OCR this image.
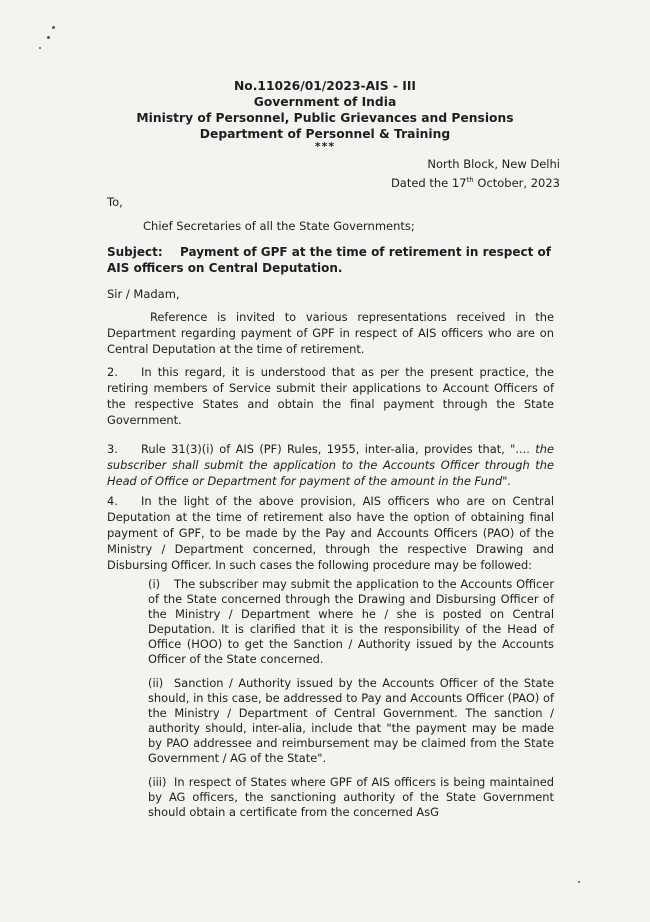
No.11026/01/2023-AIS - III
Government of India
Ministry of Personnel, Public Grievances and Pensions
Department of Personnel & Training
***
North Block, New Delhi
Dated the 17th October, 2023
To,
Chief Secretaries of all the State Governments;
Subject: Payment of GPF at the time of retirement in respect of AIS officers on Central Deputation.
Sir / Madam,
Reference is invited to various representations received in the Department regarding payment of GPF in respect of AIS officers who are on Central Deputation at the time of retirement.
2. In this regard, it is understood that as per the present practice, the retiring members of Service submit their applications to Account Officers of the respective States and obtain the final payment through the State Government.
3. Rule 31(3)(i) of AIS (PF) Rules, 1955, inter-alia, provides that, ".... the subscriber shall submit the application to the Accounts Officer through the Head of Office or Department for payment of the amount in the Fund".
4. In the light of the above provision, AIS officers who are on Central Deputation at the time of retirement also have the option of obtaining final payment of GPF, to be made by the Pay and Accounts Officers (PAO) of the Ministry / Department concerned, through the respective Drawing and Disbursing Officer. In such cases the following procedure may be followed:
(i) The subscriber may submit the application to the Accounts Officer of the State concerned through the Drawing and Disbursing Officer of the Ministry / Department where he / she is posted on Central Deputation. It is clarified that it is the responsibility of the Head of Office (HOO) to get the Sanction / Authority issued by the Accounts Officer of the State concerned.
(ii) Sanction / Authority issued by the Accounts Officer of the State should, in this case, be addressed to Pay and Accounts Officer (PAO) of the Ministry / Department of Central Government. The sanction / authority should, inter-alia, include that "the payment may be made by PAO addressee and reimbursement may be claimed from the State Government / AG of the State".
(iii) In respect of States where GPF of AIS officers is being maintained by AG officers, the sanctioning authority of the State Government should obtain a certificate from the concerned AsG
